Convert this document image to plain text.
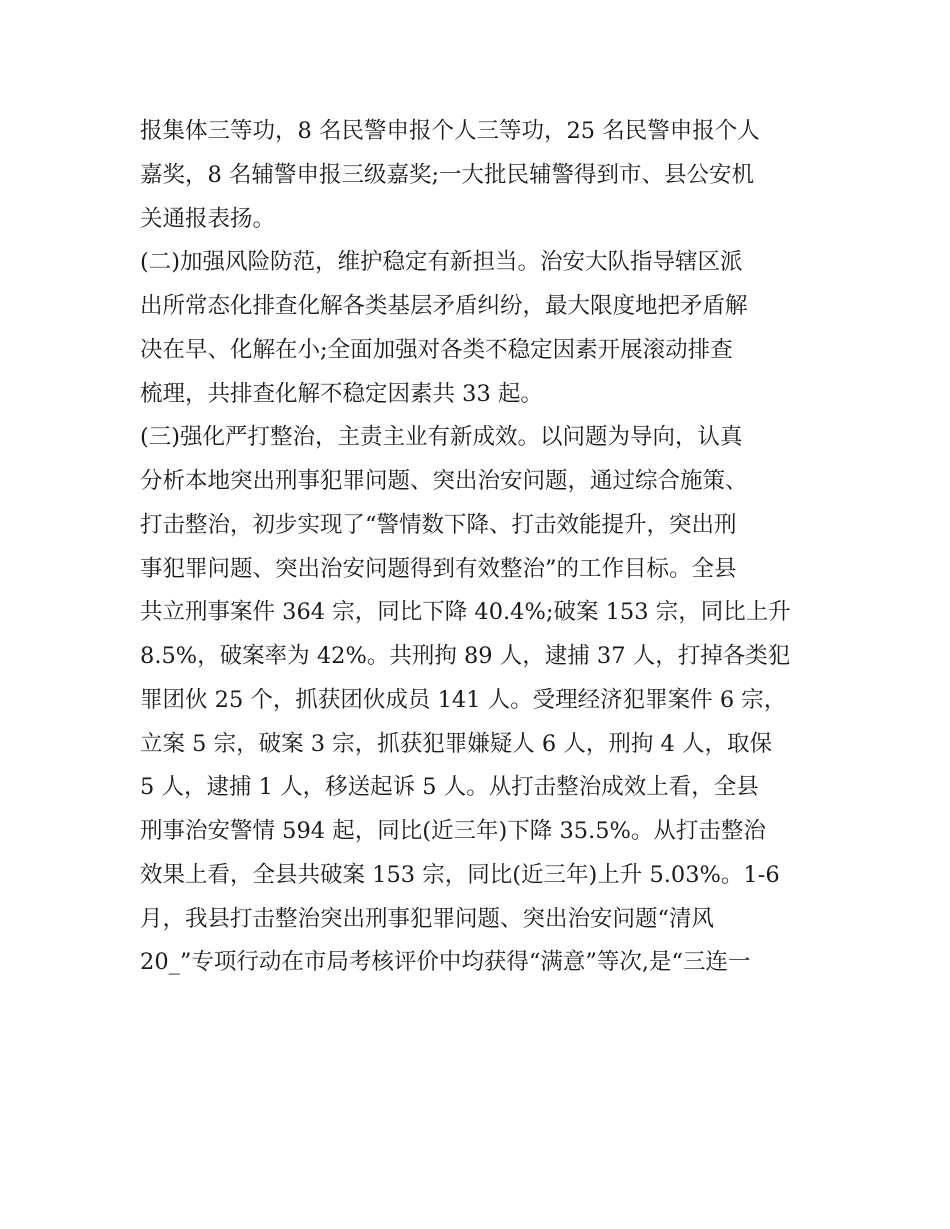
报集体三等功，8 名民警申报个人三等功，25 名民警申报个人
嘉奖，8 名辅警申报三级嘉奖;一大批民辅警得到市、县公安机
关通报表扬。
(二)加强风险防范，维护稳定有新担当。治安大队指导辖区派
出所常态化排查化解各类基层矛盾纠纷，最大限度地把矛盾解
决在早、化解在小;全面加强对各类不稳定因素开展滚动排查
梳理，共排查化解不稳定因素共 33 起。
(三)强化严打整治，主责主业有新成效。以问题为导向，认真
分析本地突出刑事犯罪问题、突出治安问题，通过综合施策、
打击整治，初步实现了“警情数下降、打击效能提升，突出刑
事犯罪问题、突出治安问题得到有效整治”的工作目标。全县
共立刑事案件 364 宗，同比下降 40.4%;破案 153 宗，同比上升
8.5%，破案率为 42%。共刑拘 89 人，逮捕 37 人，打掉各类犯
罪团伙 25 个，抓获团伙成员 141 人。受理经济犯罪案件 6 宗，
立案 5 宗，破案 3 宗，抓获犯罪嫌疑人 6 人，刑拘 4 人，取保
5 人，逮捕 1 人，移送起诉 5 人。从打击整治成效上看，全县
刑事治安警情 594 起，同比(近三年)下降 35.5%。从打击整治
效果上看，全县共破案 153 宗，同比(近三年)上升 5.03%。1-6
月，我县打击整治突出刑事犯罪问题、突出治安问题“清风
20_”专项行动在市局考核评价中均获得“满意”等次,是“三连一
